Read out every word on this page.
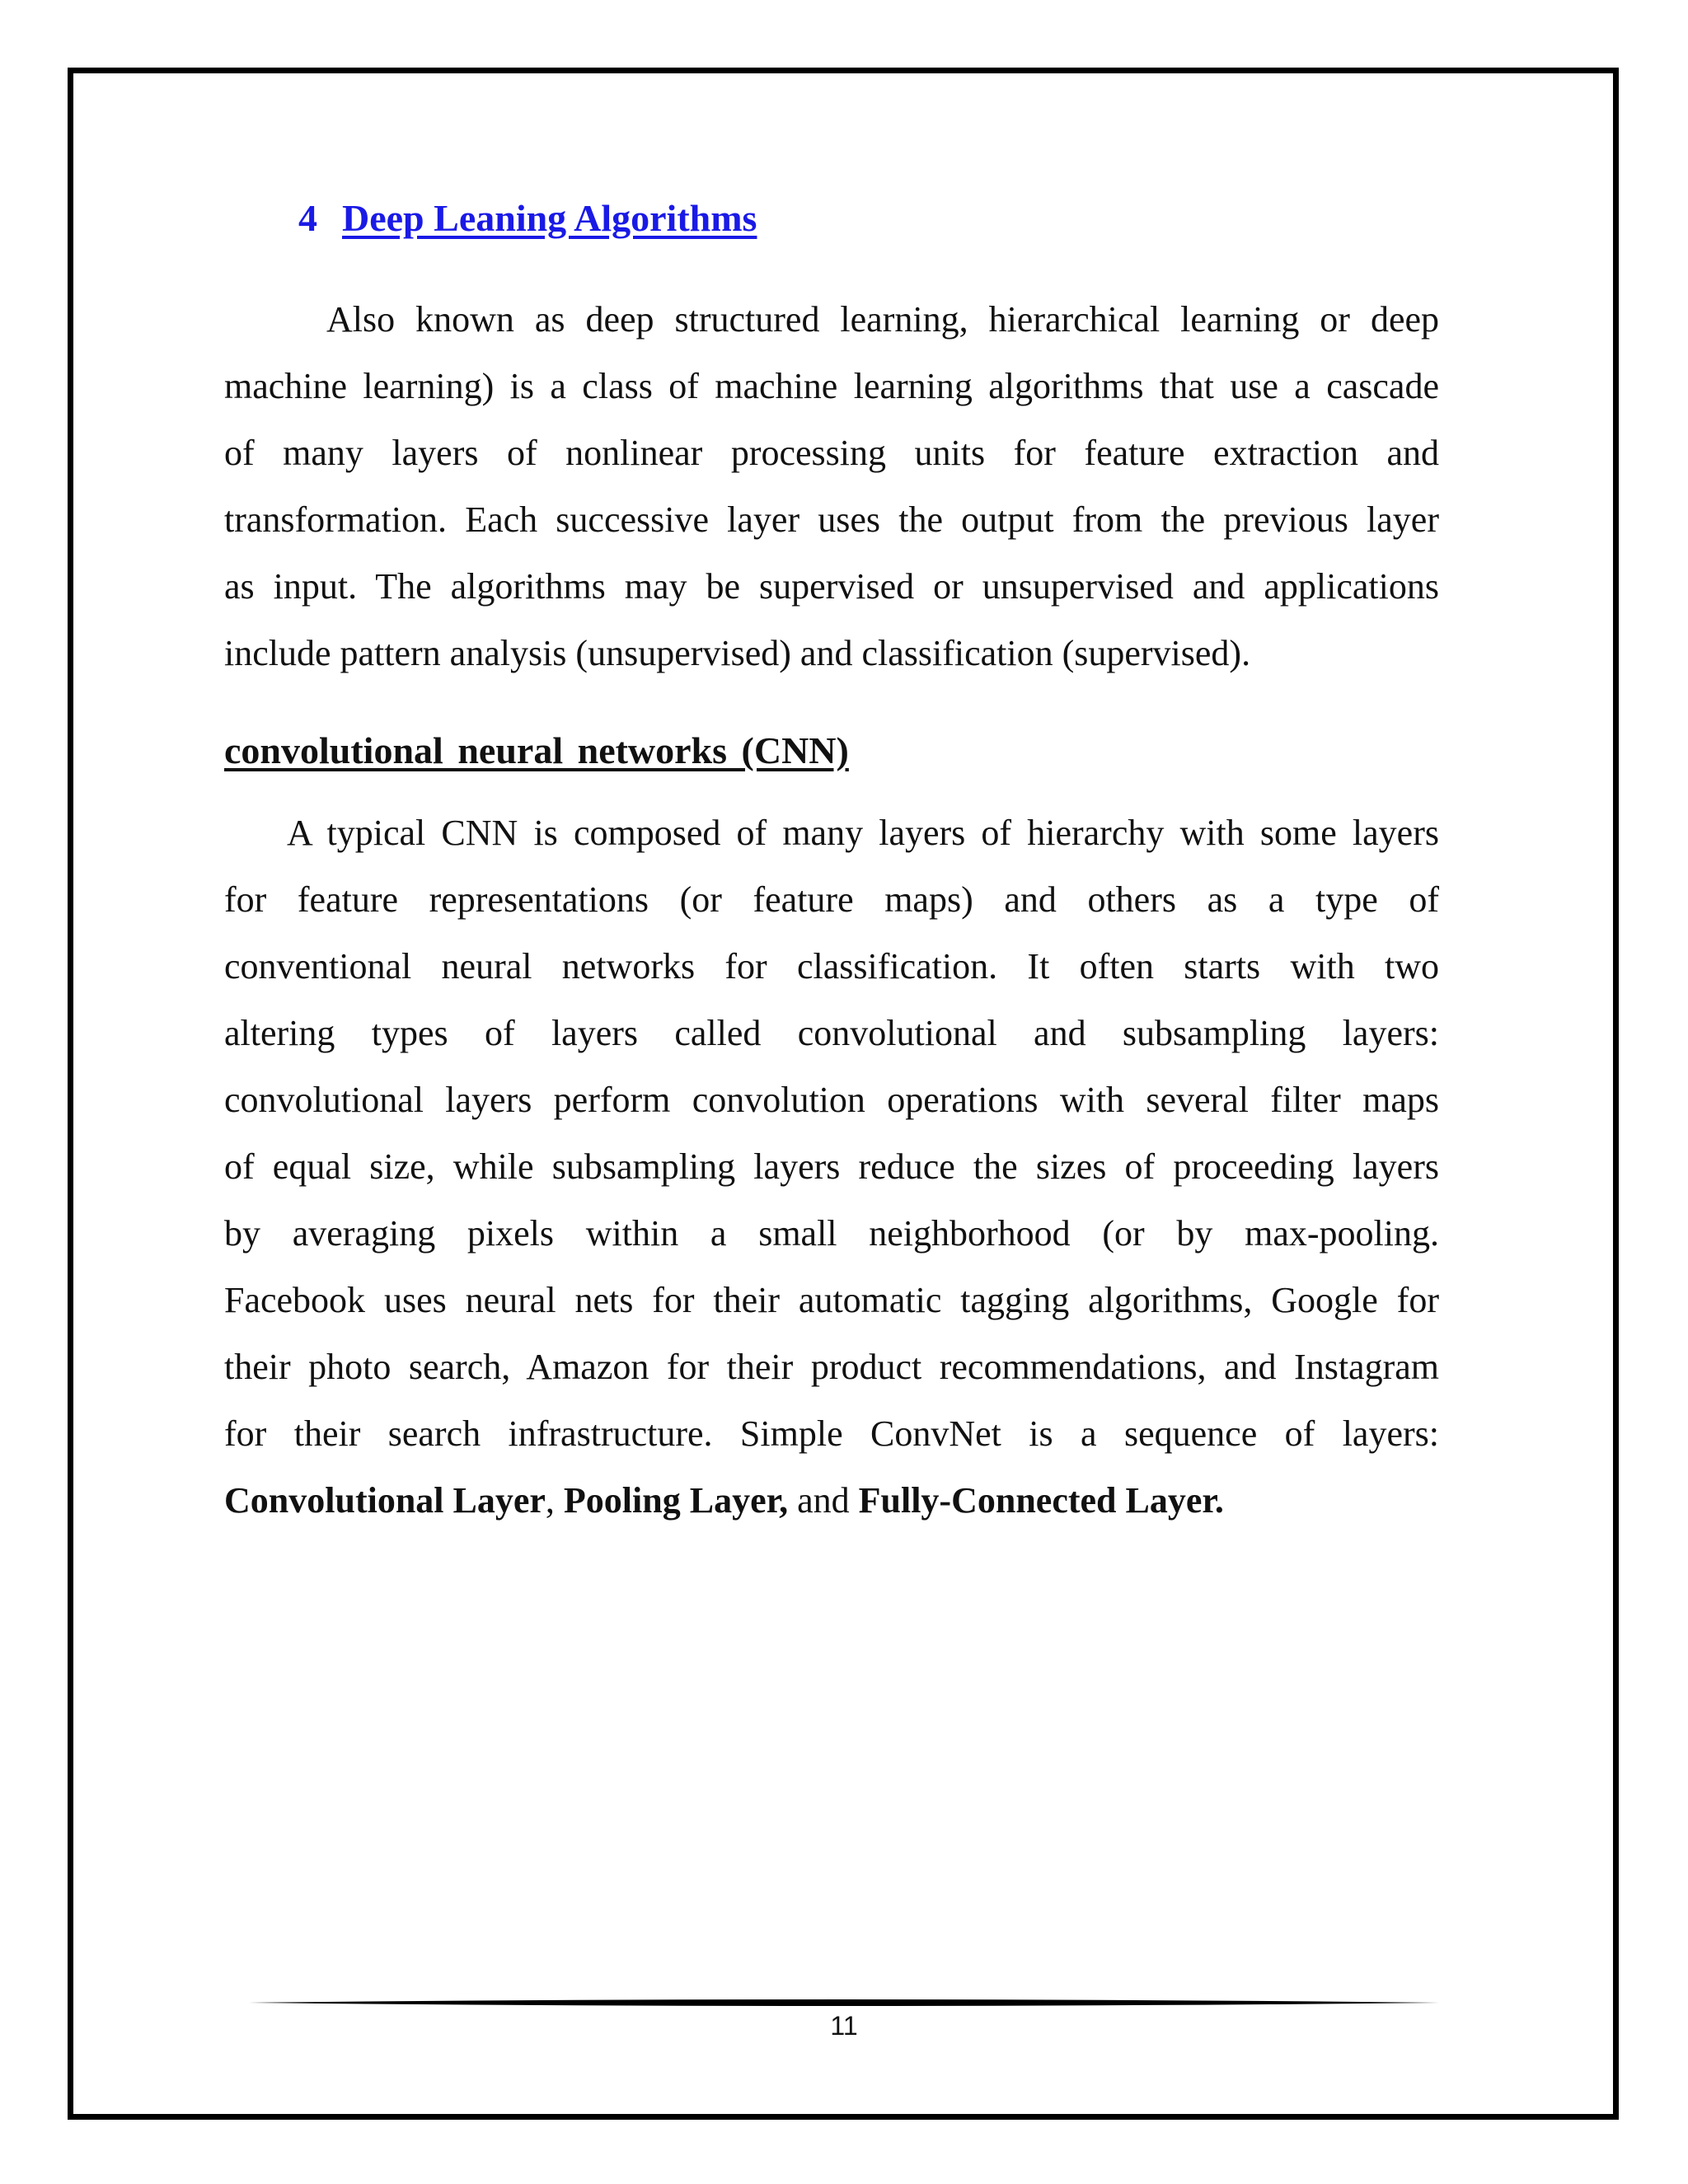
4 Deep Leaning Algorithms
Also known as deep structured learning, hierarchical learning or deep
machine learning) is a class of machine learning algorithms that use a cascade
of many layers of nonlinear processing units for feature extraction and
transformation. Each successive layer uses the output from the previous layer
as input. The algorithms may be supervised or unsupervised and applications
include pattern analysis (unsupervised) and classification (supervised).
convolutional neural networks (CNN)
A typical CNN is composed of many layers of hierarchy with some layers
for feature representations (or feature maps) and others as a type of
conventional neural networks for classification. It often starts with two
altering types of layers called convolutional and subsampling layers:
convolutional layers perform convolution operations with several filter maps
of equal size, while subsampling layers reduce the sizes of proceeding layers
by averaging pixels within a small neighborhood (or by max-pooling.
Facebook uses neural nets for their automatic tagging algorithms, Google for
their photo search, Amazon for their product recommendations, and Instagram
for their search infrastructure. Simple ConvNet is a sequence of layers:
Convolutional Layer, Pooling Layer, and Fully-Connected Layer.
11
